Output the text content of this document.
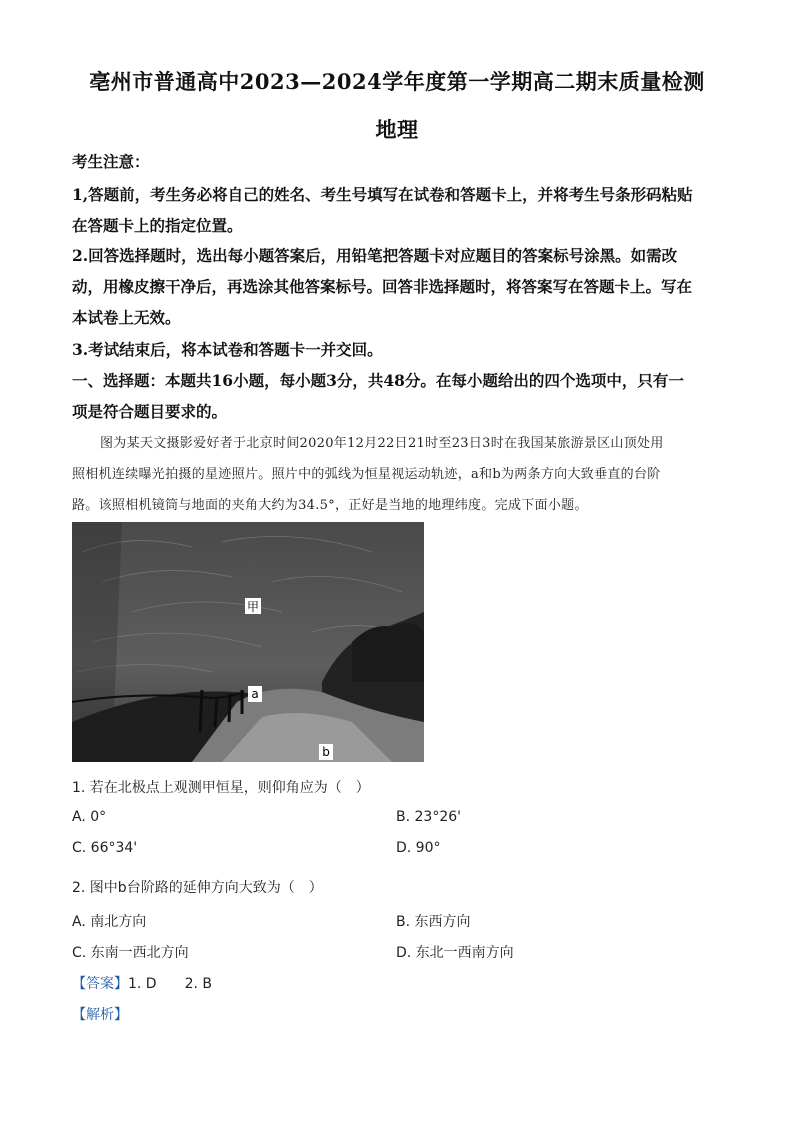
亳州市普通高中2023—2024学年度第一学期高二期末质量检测
地理
考生注意：
1,答题前，考生务必将自己的姓名、考生号填写在试卷和答题卡上，并将考生号条形码粘贴
在答题卡上的指定位置。
2.回答选择题时，选出每小题答案后，用铅笔把答题卡对应题目的答案标号涂黑。如需改
动，用橡皮擦干净后，再选涂其他答案标号。回答非选择题时，将答案写在答题卡上。写在
本试卷上无效。
3.考试结束后，将本试卷和答题卡一并交回。
一、选择题：本题共16小题，每小题3分，共48分。在每小题给出的四个选项中，只有一
项是符合题目要求的。
图为某天文摄影爱好者于北京时间2020年12月22日21时至23日3时在我国某旅游景区山顶处用
照相机连续曝光拍摄的星迹照片。照片中的弧线为恒星视运动轨迹，a和b为两条方向大致垂直的台阶
路。该照相机镜筒与地面的夹角大约为34.5°，正好是当地的地理纬度。完成下面小题。
甲
a
b
1. 若在北极点上观测甲恒星，则仰角应为（　）
A. 0°	B. 23°26'
C. 66°34'	D. 90°
2. 图中b台阶路的延伸方向大致为（　）
A. 南北方向	B. 东西方向
C. 东南一西北方向	D. 东北一西南方向
【答案】1. D　　2. B
【解析】
